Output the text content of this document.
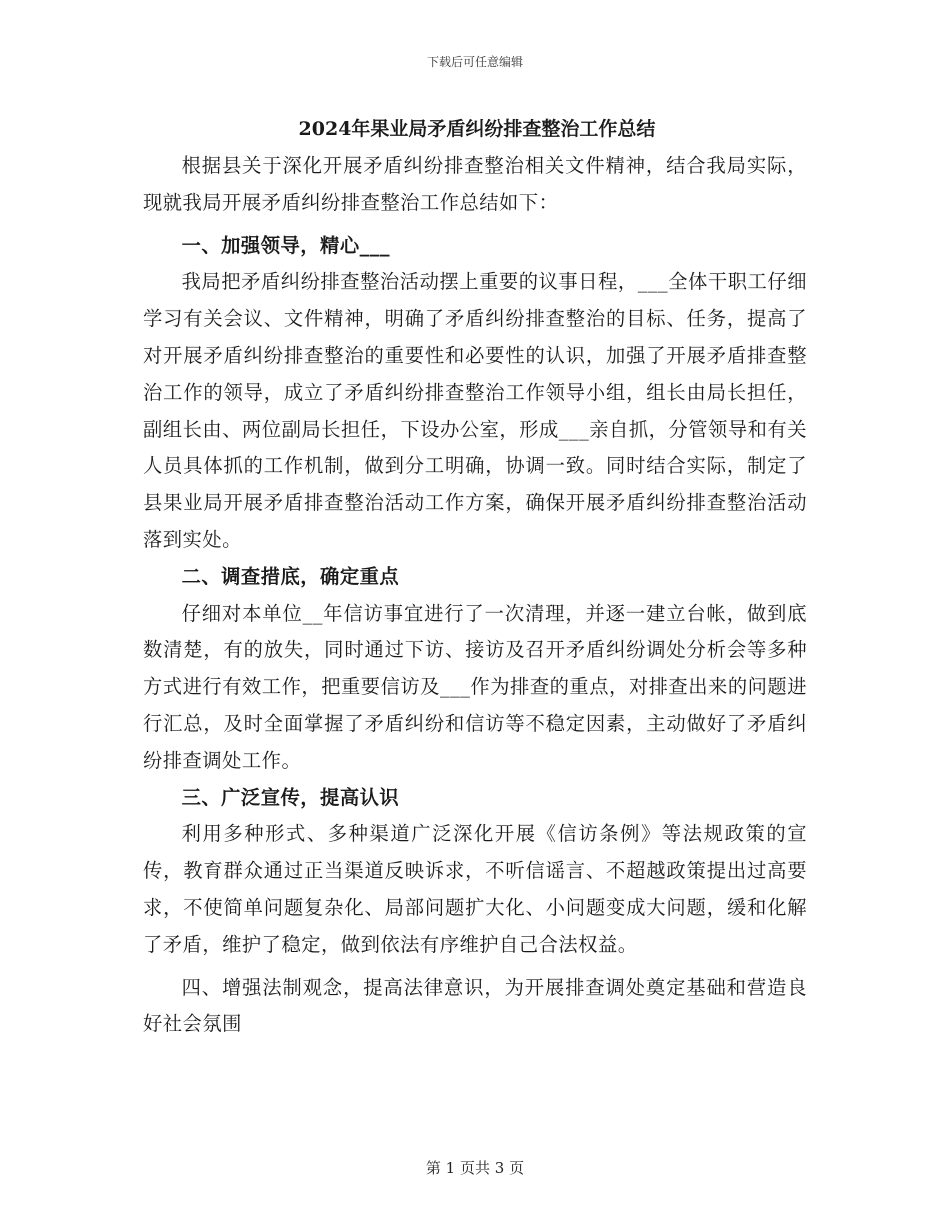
下载后可任意编辑
2024年果业局矛盾纠纷排查整治工作总结

根据县关于深化开展矛盾纠纷排查整治相关文件精神，结合我局实际，现就我局开展矛盾纠纷排查整治工作总结如下：

一、加强领导，精心___

我局把矛盾纠纷排查整治活动摆上重要的议事日程，___全体干职工仔细学习有关会议、文件精神，明确了矛盾纠纷排查整治的目标、任务，提高了对开展矛盾纠纷排查整治的重要性和必要性的认识，加强了开展矛盾排查整治工作的领导，成立了矛盾纠纷排查整治工作领导小组，组长由局长担任，副组长由、两位副局长担任，下设办公室，形成___亲自抓，分管领导和有关人员具体抓的工作机制，做到分工明确，协调一致。同时结合实际，制定了县果业局开展矛盾排查整治活动工作方案，确保开展矛盾纠纷排查整治活动落到实处。

二、调查措底，确定重点

仔细对本单位__年信访事宜进行了一次清理，并逐一建立台帐，做到底数清楚，有的放失，同时通过下访、接访及召开矛盾纠纷调处分析会等多种方式进行有效工作，把重要信访及___作为排查的重点，对排查出来的问题进行汇总，及时全面掌握了矛盾纠纷和信访等不稳定因素，主动做好了矛盾纠纷排查调处工作。

三、广泛宣传，提高认识

利用多种形式、多种渠道广泛深化开展《信访条例》等法规政策的宣传，教育群众通过正当渠道反映诉求，不听信谣言、不超越政策提出过高要求，不使简单问题复杂化、局部问题扩大化、小问题变成大问题，缓和化解了矛盾，维护了稳定，做到依法有序维护自己合法权益。

四、增强法制观念，提高法律意识，为开展排查调处奠定基础和营造良好社会氛围

第 1 页共 3 页
